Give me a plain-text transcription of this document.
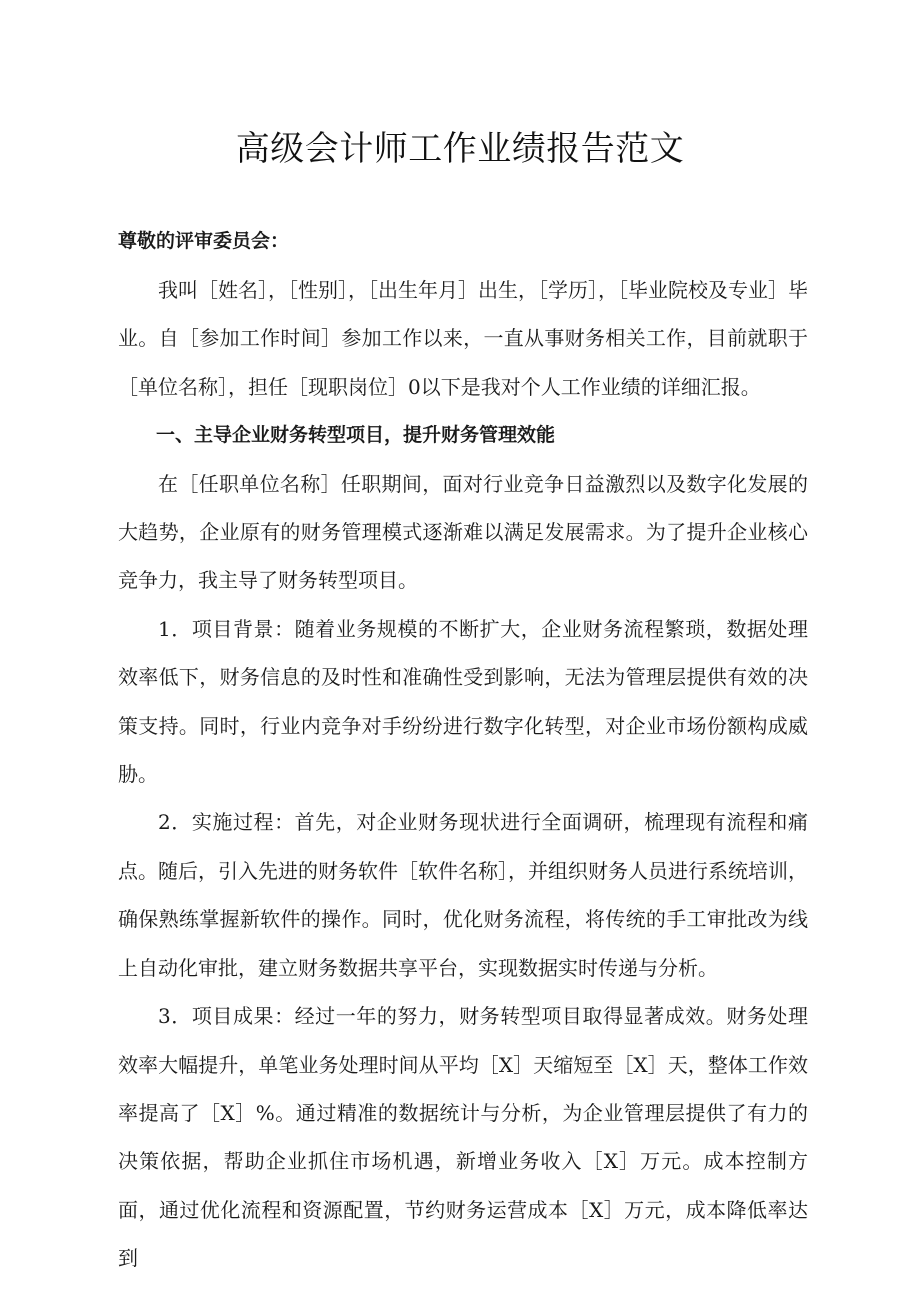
高级会计师工作业绩报告范文

尊敬的评审委员会：

我叫［姓名］，［性别］，［出生年月］出生，［学历］，［毕业院校及专业］毕业。自［参加工作时间］参加工作以来，一直从事财务相关工作，目前就职于［单位名称］，担任［现职岗位］0以下是我对个人工作业绩的详细汇报。

一、主导企业财务转型项目，提升财务管理效能

在［任职单位名称］任职期间，面对行业竞争日益激烈以及数字化发展的大趋势，企业原有的财务管理模式逐渐难以满足发展需求。为了提升企业核心竞争力，我主导了财务转型项目。

1．项目背景：随着业务规模的不断扩大，企业财务流程繁琐，数据处理效率低下，财务信息的及时性和准确性受到影响，无法为管理层提供有效的决策支持。同时，行业内竞争对手纷纷进行数字化转型，对企业市场份额构成威胁。

2．实施过程：首先，对企业财务现状进行全面调研，梳理现有流程和痛点。随后，引入先进的财务软件［软件名称］，并组织财务人员进行系统培训，确保熟练掌握新软件的操作。同时，优化财务流程，将传统的手工审批改为线上自动化审批，建立财务数据共享平台，实现数据实时传递与分析。

3．项目成果：经过一年的努力，财务转型项目取得显著成效。财务处理效率大幅提升，单笔业务处理时间从平均［X］天缩短至［X］天，整体工作效率提高了［X］%。通过精准的数据统计与分析，为企业管理层提供了有力的决策依据，帮助企业抓住市场机遇，新增业务收入［X］万元。成本控制方面，通过优化流程和资源配置，节约财务运营成本［X］万元，成本降低率达到
